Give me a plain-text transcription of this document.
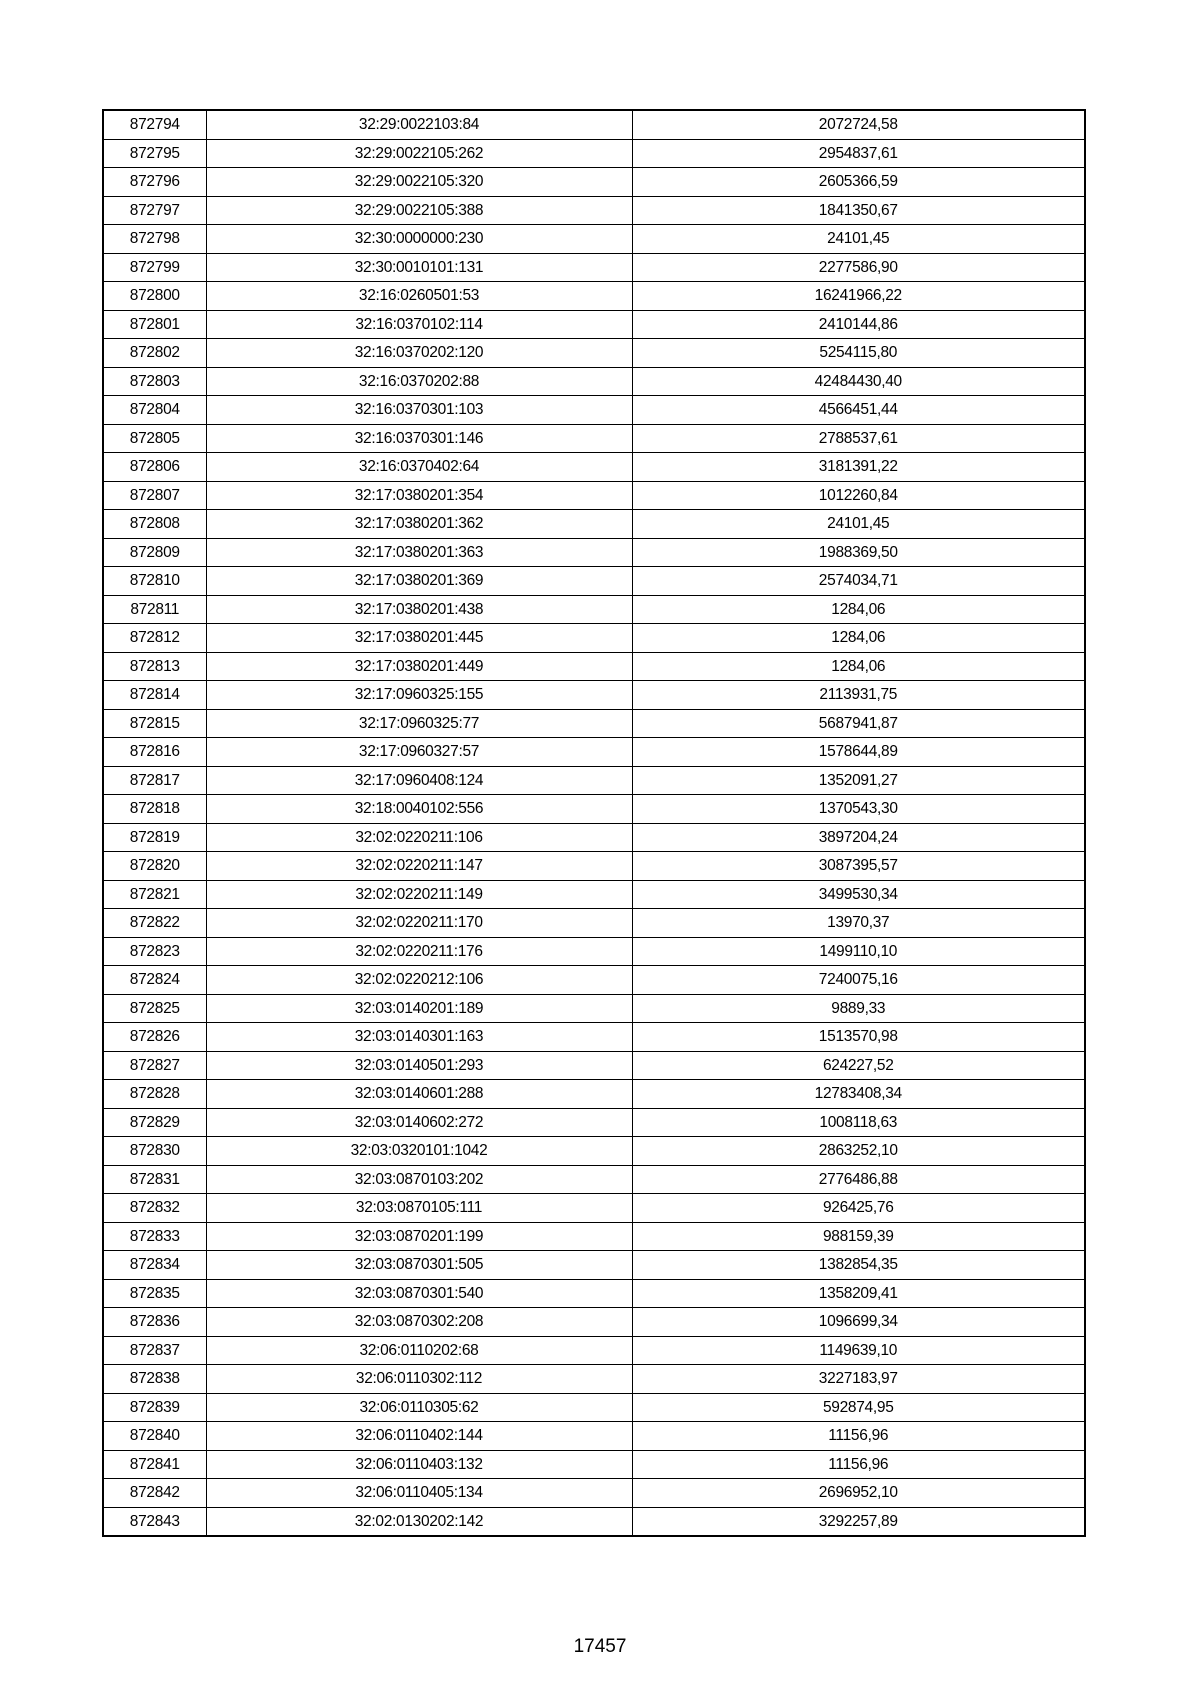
872794	32:29:0022103:84	2072724,58
872795	32:29:0022105:262	2954837,61
872796	32:29:0022105:320	2605366,59
872797	32:29:0022105:388	1841350,67
872798	32:30:0000000:230	24101,45
872799	32:30:0010101:131	2277586,90
872800	32:16:0260501:53	16241966,22
872801	32:16:0370102:114	2410144,86
872802	32:16:0370202:120	5254115,80
872803	32:16:0370202:88	42484430,40
872804	32:16:0370301:103	4566451,44
872805	32:16:0370301:146	2788537,61
872806	32:16:0370402:64	3181391,22
872807	32:17:0380201:354	1012260,84
872808	32:17:0380201:362	24101,45
872809	32:17:0380201:363	1988369,50
872810	32:17:0380201:369	2574034,71
872811	32:17:0380201:438	1284,06
872812	32:17:0380201:445	1284,06
872813	32:17:0380201:449	1284,06
872814	32:17:0960325:155	2113931,75
872815	32:17:0960325:77	5687941,87
872816	32:17:0960327:57	1578644,89
872817	32:17:0960408:124	1352091,27
872818	32:18:0040102:556	1370543,30
872819	32:02:0220211:106	3897204,24
872820	32:02:0220211:147	3087395,57
872821	32:02:0220211:149	3499530,34
872822	32:02:0220211:170	13970,37
872823	32:02:0220211:176	1499110,10
872824	32:02:0220212:106	7240075,16
872825	32:03:0140201:189	9889,33
872826	32:03:0140301:163	1513570,98
872827	32:03:0140501:293	624227,52
872828	32:03:0140601:288	12783408,34
872829	32:03:0140602:272	1008118,63
872830	32:03:0320101:1042	2863252,10
872831	32:03:0870103:202	2776486,88
872832	32:03:0870105:111	926425,76
872833	32:03:0870201:199	988159,39
872834	32:03:0870301:505	1382854,35
872835	32:03:0870301:540	1358209,41
872836	32:03:0870302:208	1096699,34
872837	32:06:0110202:68	1149639,10
872838	32:06:0110302:112	3227183,97
872839	32:06:0110305:62	592874,95
872840	32:06:0110402:144	11156,96
872841	32:06:0110403:132	11156,96
872842	32:06:0110405:134	2696952,10
872843	32:02:0130202:142	3292257,89
17457
